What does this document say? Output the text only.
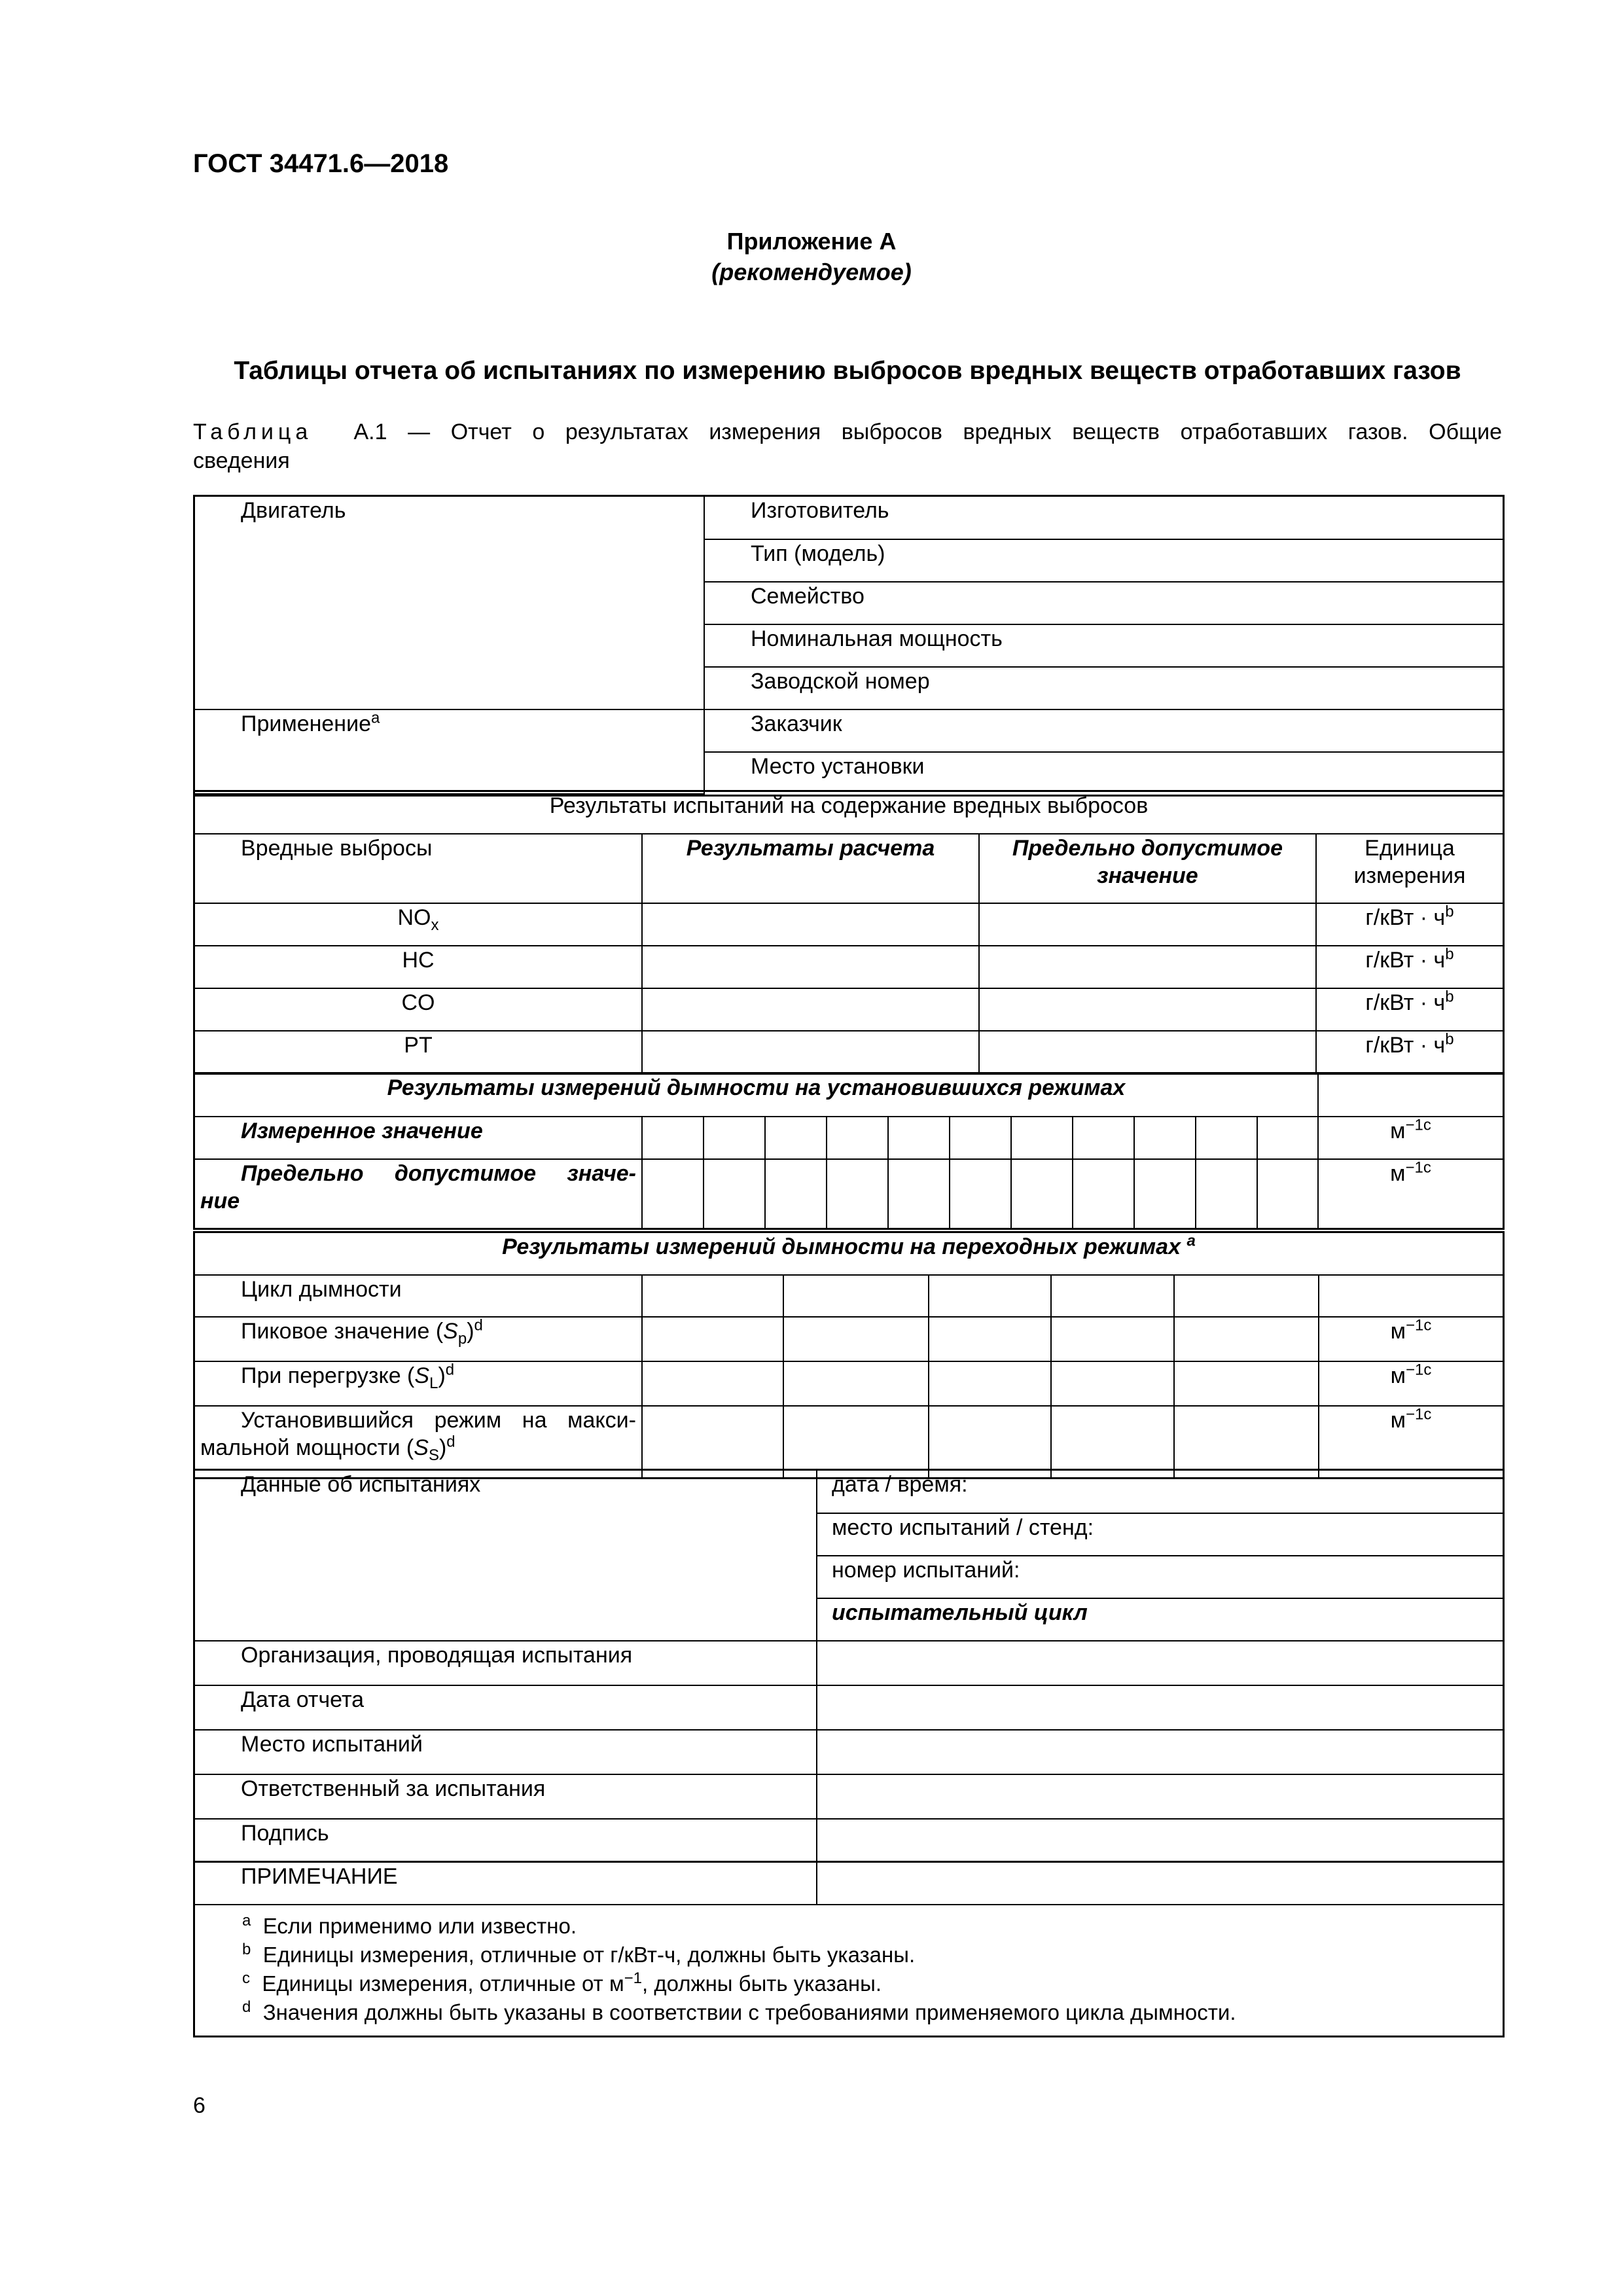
ГОСТ 34471.6—2018
Приложение А
(рекомендуемое)
Таблицы отчета об испытаниях по измерению выбросов вредных веществ отработавших газов
Таблица А.1 — Отчет о результатах измерения выбросов вредных веществ отработавших газов. Общие
сведения
Двигатель	Изготовитель
	Тип (модель)
	Семейство
	Номинальная мощность
	Заводской номер
Применение$^a$	Заказчик
	Место установки
Результаты испытаний на содержание вредных выбросов			
Вредные выбросы	Результаты расчета	Предельно допустимое значение	Единица измерения
$NO_x$			$г/кВт \cdot ч^b$
HC			$г/кВт \cdot ч^b$
CO			$г/кВт \cdot ч^b$
PT			$г/кВт \cdot ч^b$
Результаты измерений дымности на установившихся режимах												
Измеренное значение												$м^{-1c}$

Предельно допустимое значе-
ние												$м^{-1c}$
Результаты измерений дымности на переходных режимах $^a$
Цикл дымности						
Пиковое значение $(S_p)^d$						$м^{-1c}$
При перегрузке $(S_L)^d$						$м^{-1c}$

Установившийся режим на макси-
мальной мощности $(S_S)^d$						$м^{-1c}$
Данные об испытаниях	дата / время:
	место испытаний / стенд:
	номер испытаний:
	испытательный цикл
Организация, проводящая испытания	
Дата отчета	
Место испытаний	
Ответственный за испытания	
Подпись	
ПРИМЕЧАНИЕ	
$^a$ Если применимо или известно.
$^b$ Единицы измерения, отличные от г/кВт-ч, должны быть указаны.
$^c$ Единицы измерения, отличные от $м^{-1}$, должны быть указаны.
$^d$ Значения должны быть указаны в соответствии с требованиями применяемого цикла дымности.
6
